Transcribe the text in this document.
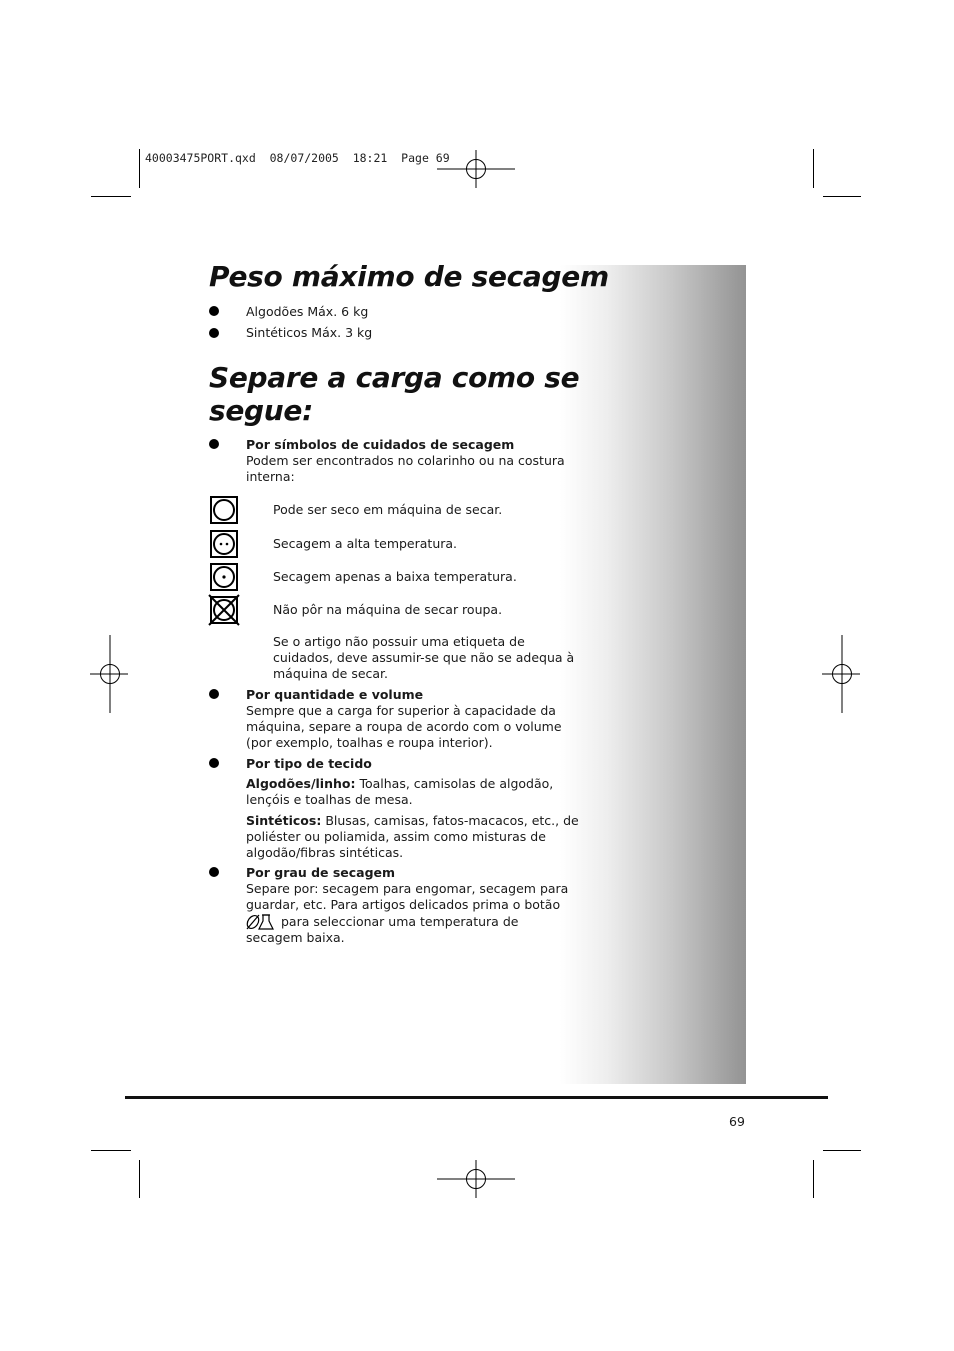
40003475PORT.qxd  08/07/2005  18:21  Page 69
Peso máximo de secagem
Algodões Máx. 6 kg
Sintéticos Máx. 3 kg
Separe a carga como se
segue:
Por símbolos de cuidados de secagem
Podem ser encontrados no colarinho ou na costura
interna:
Pode ser seco em máquina de secar.
Secagem a alta temperatura.
Secagem apenas a baixa temperatura.
Não pôr na máquina de secar roupa.
Se o artigo não possuir uma etiqueta de
cuidados, deve assumir-se que não se adequa à
máquina de secar.
Por quantidade e volume
Sempre que a carga for superior à capacidade da
máquina, separe a roupa de acordo com o volume
(por exemplo, toalhas e roupa interior).
Por tipo de tecido
Algodões/linho: Toalhas, camisolas de algodão,
lençóis e toalhas de mesa.
Sintéticos: Blusas, camisas, fatos-macacos, etc., de
poliéster ou poliamida, assim como misturas de
algodão/fibras sintéticas.
Por grau de secagem
Separe por: secagem para engomar, secagem para
guardar, etc. Para artigos delicados prima o botão
para seleccionar uma temperatura de
secagem baixa.
69
